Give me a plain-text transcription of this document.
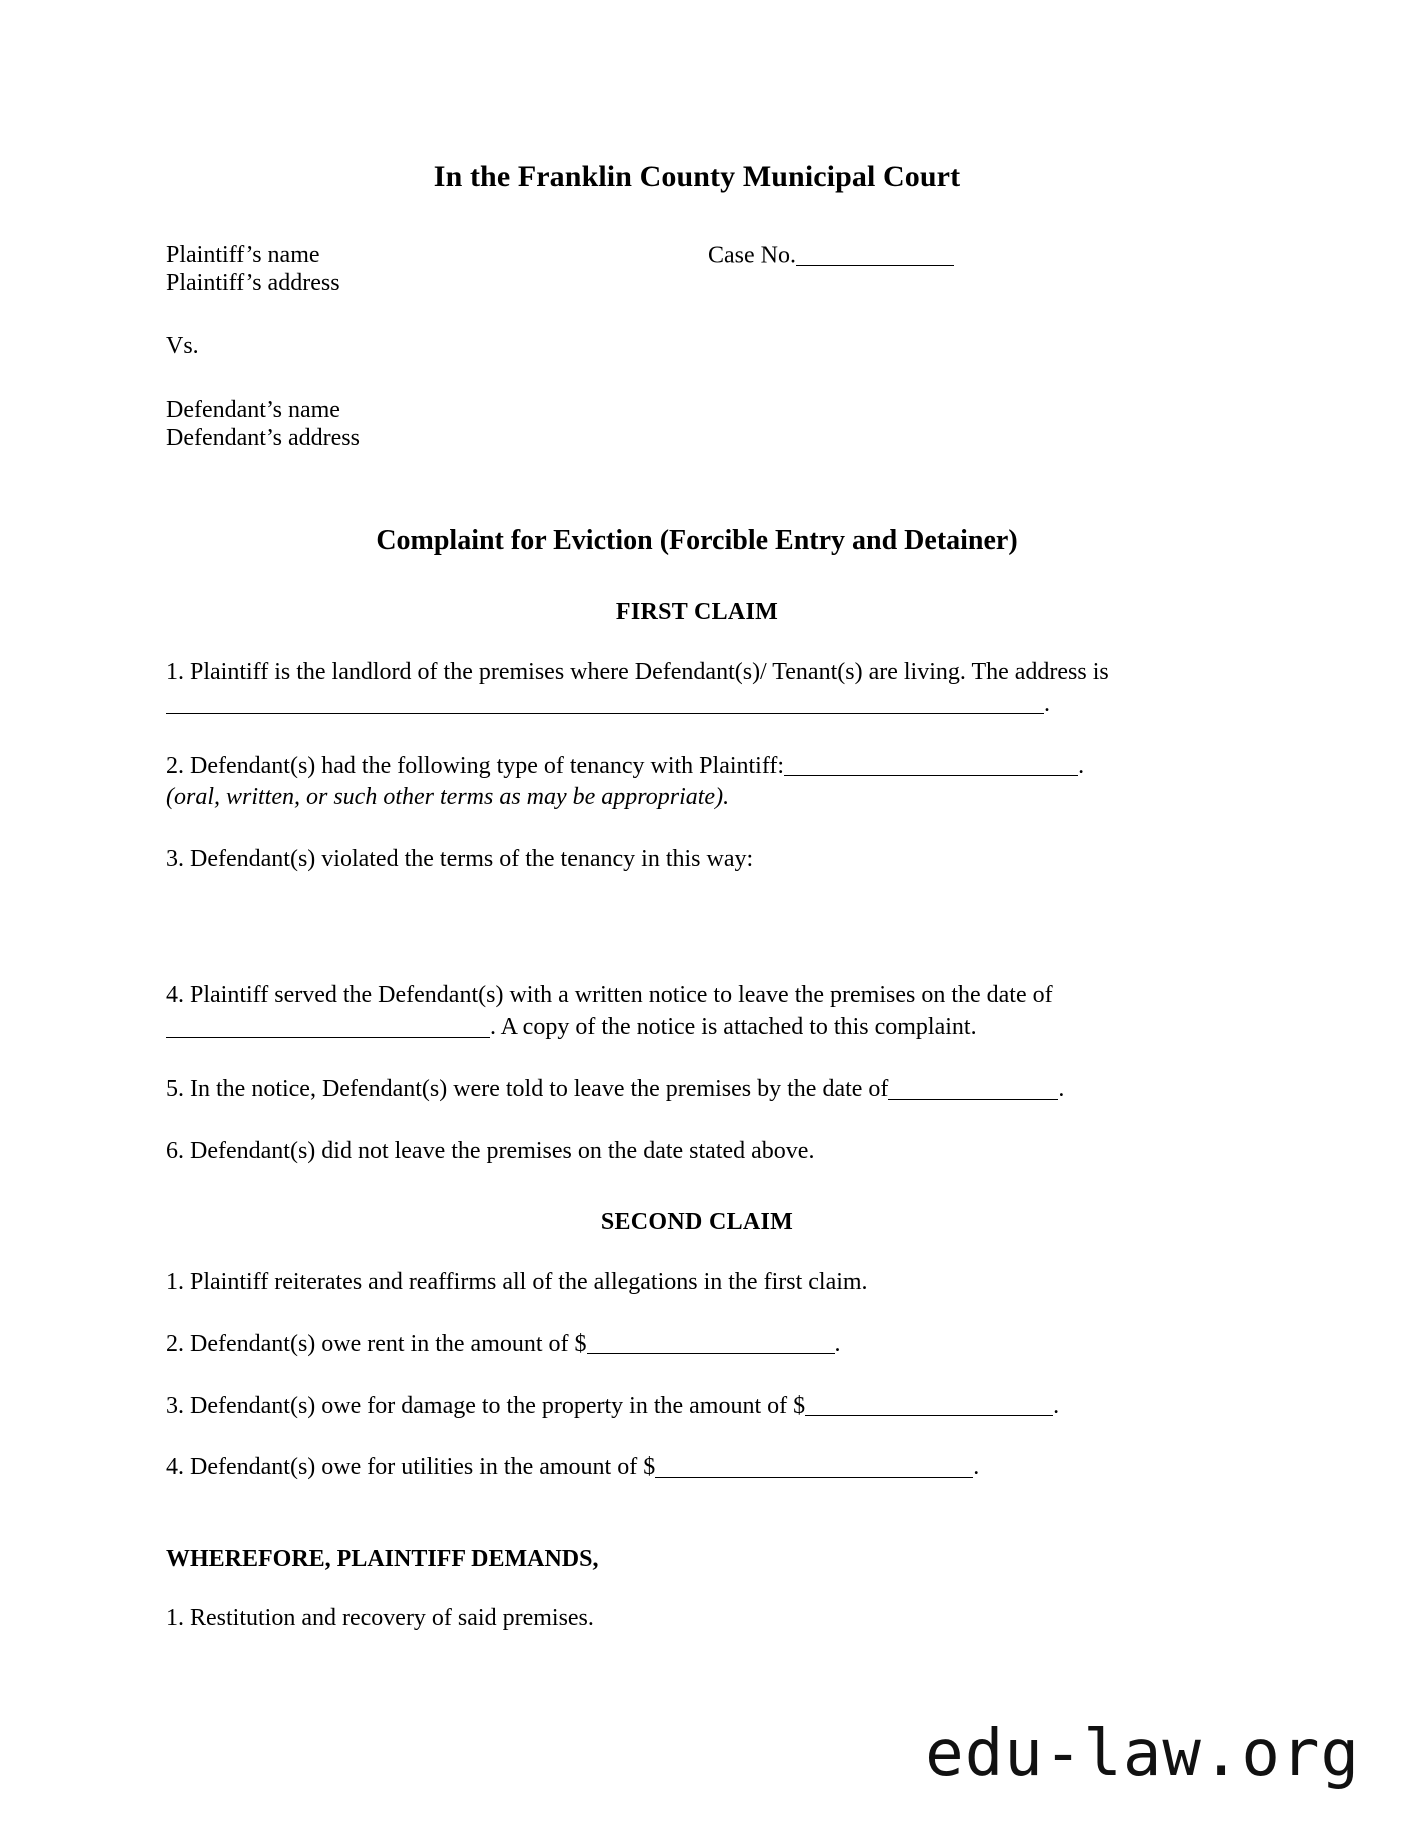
In the Franklin County Municipal Court
Plaintiff’s name
Plaintiff’s address
Case No.
Vs.
Defendant’s name
Defendant’s address
Complaint for Eviction (Forcible Entry and Detainer)
FIRST CLAIM

1. Plaintiff is the landlord of the premises where Defendant(s)/ Tenant(s) are living. The address is .

2. Defendant(s) had the following type of tenancy with Plaintiff:	.

(oral, written, or such other terms as may be appropriate).

3. Defendant(s) violated the terms of the tenancy in this way:

4. Plaintiff served the Defendant(s) with a written notice to leave the premises on the date of . A copy of the notice is attached to this complaint.

5. In the notice, Defendant(s) were told to leave the premises by the date of	.

6. Defendant(s) did not leave the premises on the date stated above.

SECOND CLAIM

1. Plaintiff reiterates and reaffirms all of the allegations in the first claim.

2. Defendant(s) owe rent in the amount of $	.

3. Defendant(s) owe for damage to the property in the amount of $	.

4. Defendant(s) owe for utilities in the amount of $	.

WHEREFORE, PLAINTIFF DEMANDS,

1. Restitution and recovery of said premises.

edu-law.org
